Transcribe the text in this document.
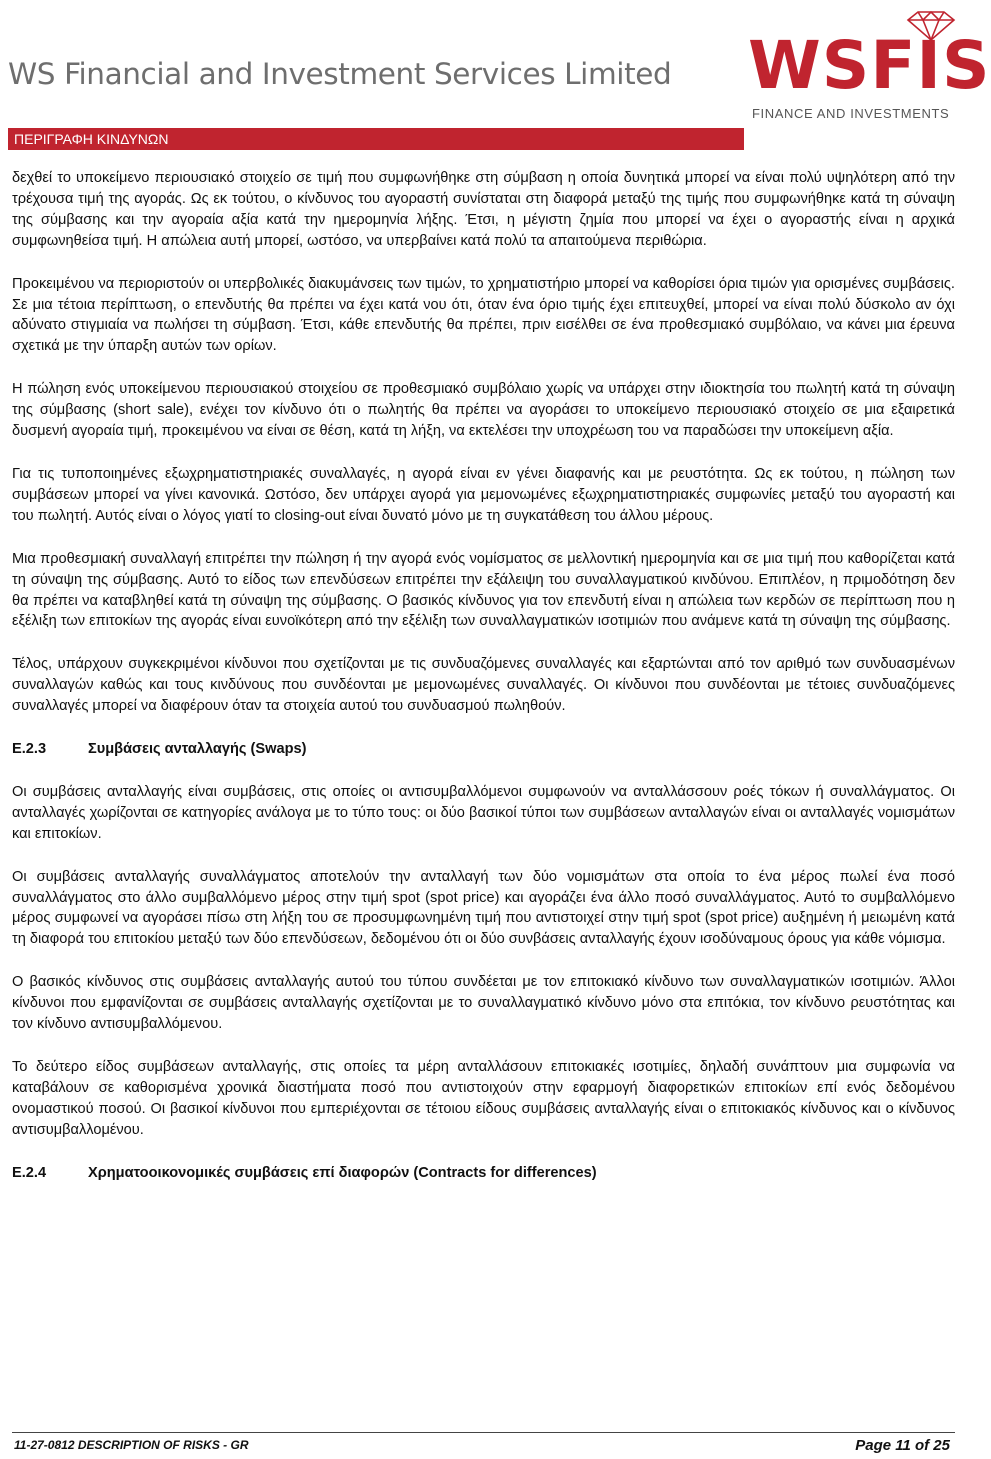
WS Financial and Investment Services Limited WSFIS
FINANCE AND INVESTMENTS
ΠΕΡΙΓΡΑΦΗ ΚΙΝΔΥΝΩΝ

δεχθεί το υποκείμενο περιουσιακό στοιχείο σε τιμή που συμφωνήθηκε στη σύμβαση η οποία δυνητικά μπορεί να είναι πολύ υψηλότερη από την τρέχουσα τιμή της αγοράς. Ως εκ τούτου, ο κίνδυνος του αγοραστή συνίσταται στη διαφορά μεταξύ της τιμής που συμφωνήθηκε κατά τη σύναψη της σύμβασης και την αγοραία αξία κατά την ημερομηνία λήξης. Έτσι, η μέγιστη ζημία που μπορεί να έχει ο αγοραστής είναι η αρχικά συμφωνηθείσα τιμή. Η απώλεια αυτή μπορεί, ωστόσο, να υπερβαίνει κατά πολύ τα απαιτούμενα περιθώρια.

Προκειμένου να περιοριστούν οι υπερβολικές διακυμάνσεις των τιμών, το χρηματιστήριο μπορεί να καθορίσει όρια τιμών για ορισμένες συμβάσεις. Σε μια τέτοια περίπτωση, ο επενδυτής θα πρέπει να έχει κατά νου ότι, όταν ένα όριο τιμής έχει επιτευχθεί, μπορεί να είναι πολύ δύσκολο αν όχι αδύνατο στιγμιαία να πωλήσει τη σύμβαση. Έτσι, κάθε επενδυτής θα πρέπει, πριν εισέλθει σε ένα προθεσμιακό συμβόλαιο, να κάνει μια έρευνα σχετικά με την ύπαρξη αυτών των ορίων.

Η πώληση ενός υποκείμενου περιουσιακού στοιχείου σε προθεσμιακό συμβόλαιο χωρίς να υπάρχει στην ιδιοκτησία του πωλητή κατά τη σύναψη της σύμβασης (short sale), ενέχει τον κίνδυνο ότι ο πωλητής θα πρέπει να αγοράσει το υποκείμενο περιουσιακό στοιχείο σε μια εξαιρετικά δυσμενή αγοραία τιμή, προκειμένου να είναι σε θέση, κατά τη λήξη, να εκτελέσει την υποχρέωση του να παραδώσει την υποκείμενη αξία.

Για τις τυποποιημένες εξωχρηματιστηριακές συναλλαγές, η αγορά είναι εν γένει διαφανής και με ρευστότητα. Ως εκ τούτου, η πώληση των συμβάσεων μπορεί να γίνει κανονικά. Ωστόσο, δεν υπάρχει αγορά για μεμονωμένες εξωχρηματιστηριακές συμφωνίες μεταξύ του αγοραστή και του πωλητή. Αυτός είναι ο λόγος γιατί το closing-out είναι δυνατό μόνο με τη συγκατάθεση του άλλου μέρους.

Μια προθεσμιακή συναλλαγή επιτρέπει την πώληση ή την αγορά ενός νομίσματος σε μελλοντική ημερομηνία και σε μια τιμή που καθορίζεται κατά τη σύναψη της σύμβασης. Αυτό το είδος των επενδύσεων επιτρέπει την εξάλειψη του συναλλαγματικού κινδύνου. Επιπλέον, η πριμοδότηση δεν θα πρέπει να καταβληθεί κατά τη σύναψη της σύμβασης. Ο βασικός κίνδυνος για τον επενδυτή είναι η απώλεια των κερδών σε περίπτωση που η εξέλιξη των επιτοκίων της αγοράς είναι ευνοϊκότερη από την εξέλιξη των συναλλαγματικών ισοτιμιών που ανάμενε κατά τη σύναψη της σύμβασης.

Τέλος, υπάρχουν συγκεκριμένοι κίνδυνοι που σχετίζονται με τις συνδυαζόμενες συναλλαγές και εξαρτώνται από τον αριθμό των συνδυασμένων συναλλαγών καθώς και τους κινδύνους που συνδέονται με μεμονωμένες συναλλαγές. Οι κίνδυνοι που συνδέονται με τέτοιες συνδυαζόμενες συναλλαγές μπορεί να διαφέρουν όταν τα στοιχεία αυτού του συνδυασμού πωληθούν.

E.2.3	Συμβάσεις ανταλλαγής (Swaps)

Οι συμβάσεις ανταλλαγής είναι συμβάσεις, στις οποίες οι αντισυμβαλλόμενοι συμφωνούν να ανταλλάσσουν ροές τόκων ή συναλλάγματος. Οι ανταλλαγές χωρίζονται σε κατηγορίες ανάλογα με το τύπο τους: οι δύο βασικοί τύποι των συμβάσεων ανταλλαγών είναι οι ανταλλαγές νομισμάτων και επιτοκίων.

Οι συμβάσεις ανταλλαγής συναλλάγματος αποτελούν την ανταλλαγή των δύο νομισμάτων στα οποία το ένα μέρος πωλεί ένα ποσό συναλλάγματος στο άλλο συμβαλλόμενο μέρος στην τιμή spot (spot price) και αγοράζει ένα άλλο ποσό συναλλάγματος. Αυτό το συμβαλλόμενο μέρος συμφωνεί να αγοράσει πίσω στη λήξη του σε προσυμφωνημένη τιμή που αντιστοιχεί στην τιμή spot (spot price) αυξημένη ή μειωμένη κατά τη διαφορά του επιτοκίου μεταξύ των δύο επενδύσεων, δεδομένου ότι οι δύο συνβάσεις ανταλλαγής έχουν ισοδύναμους όρους για κάθε νόμισμα.

Ο βασικός κίνδυνος στις συμβάσεις ανταλλαγής αυτού του τύπου συνδέεται με τον επιτοκιακό κίνδυνο των συναλλαγματικών ισοτιμιών. Άλλοι κίνδυνοι που εμφανίζονται σε συμβάσεις ανταλλαγής σχετίζονται με το συναλλαγματικό κίνδυνο μόνο στα επιτόκια, τον κίνδυνο ρευστότητας και τον κίνδυνο αντισυμβαλλόμενου.

Το δεύτερο είδος συμβάσεων ανταλλαγής, στις οποίες τα μέρη ανταλλάσουν επιτοκιακές ισοτιμίες, δηλαδή συνάπτουν μια συμφωνία να καταβάλουν σε καθορισμένα χρονικά διαστήματα ποσό που αντιστοιχούν στην εφαρμογή διαφορετικών επιτοκίων επί ενός δεδομένου ονομαστικού ποσού. Οι βασικοί κίνδυνοι που εμπεριέχονται σε τέτοιου είδους συμβάσεις ανταλλαγής είναι ο επιτοκιακός κίνδυνος και ο κίνδυνος αντισυμβαλλομένου.

E.2.4	Χρηματοοικονομικές συμβάσεις επί διαφορών (Contracts for differences)
11-27-0812 DESCRIPTION OF RISKS - GR	Page 11 of 25
